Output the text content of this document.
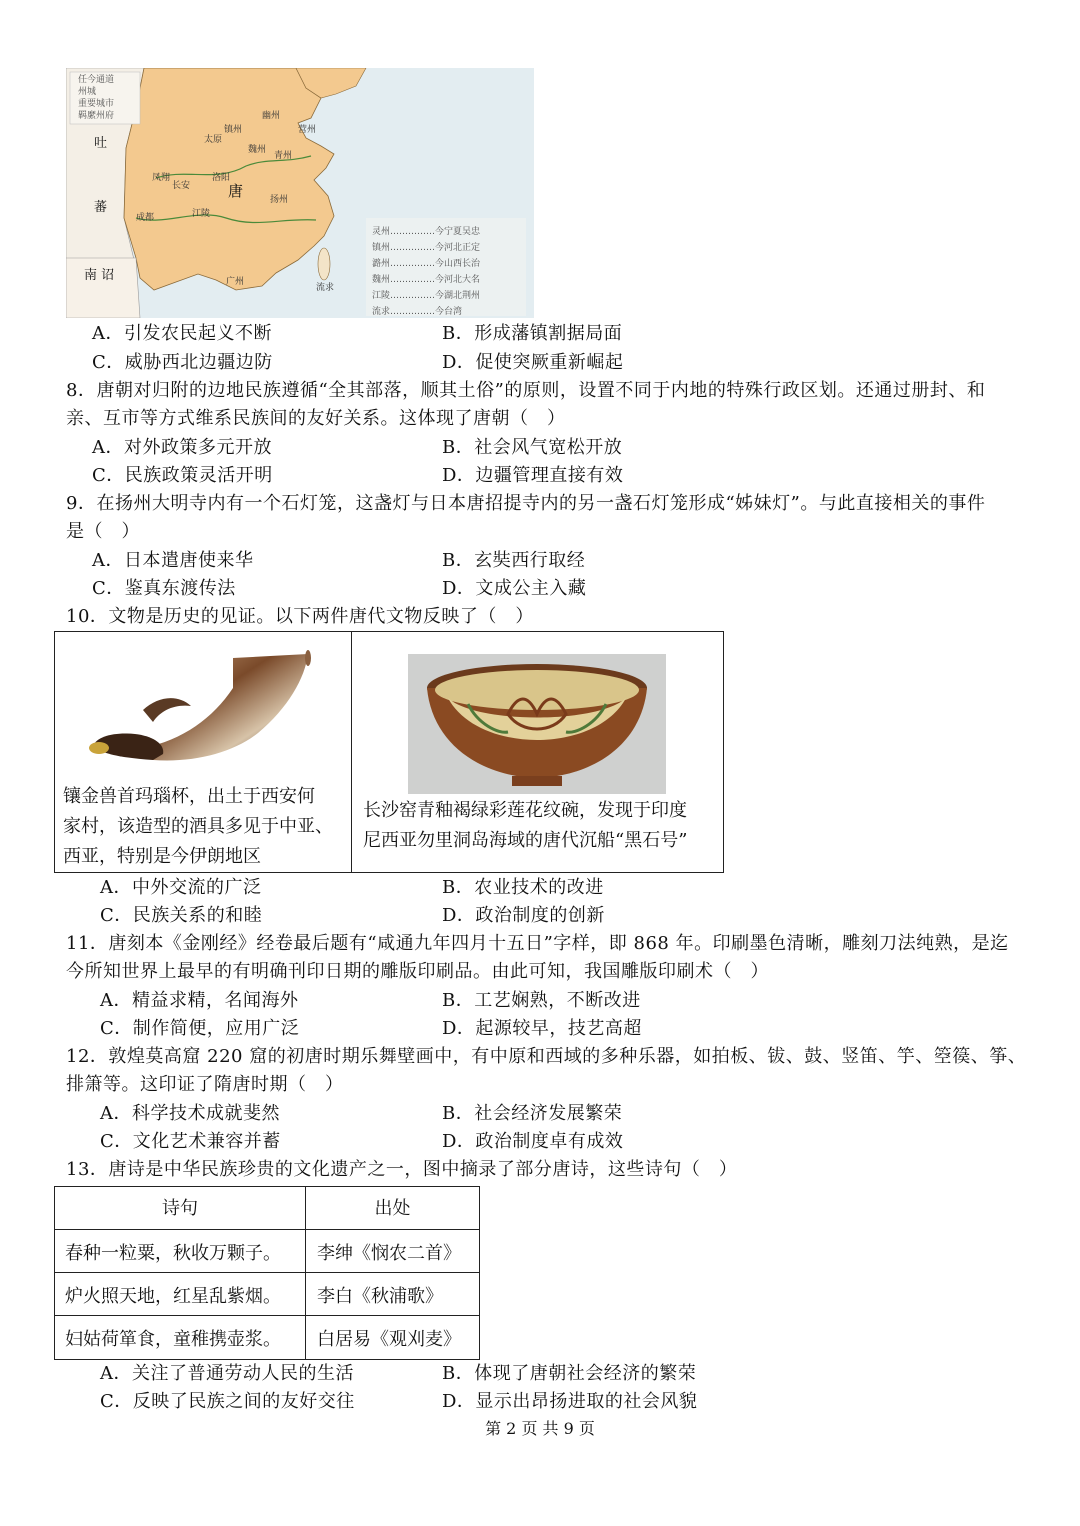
任今通道
州城
重要城市
羁縻州府
吐
蕃
南 诏
唐
幽州
营州
镇州
太原
魏州
青州
长安
洛阳
凤翔
成都
扬州
江陵
广州
流求
灵州……………今宁夏吴忠
镇州……………今河北正定
潞州……………今山西长治
魏州……………今河北大名
江陵……………今湖北荆州
流求……………今台湾
A．引发农民起义不断	B．形成藩镇割据局面
C．威胁西北边疆边防	D．促使突厥重新崛起
8．唐朝对归附的边地民族遵循“全其部落，顺其土俗”的原则，设置不同于内地的特殊行政区划。还通过册封、和
亲、互市等方式维系民族间的友好关系。这体现了唐朝（　）
A．对外政策多元开放	B．社会风气宽松开放
C．民族政策灵活开明	D．边疆管理直接有效
9．在扬州大明寺内有一个石灯笼，这盏灯与日本唐招提寺内的另一盏石灯笼形成“姊妹灯”。与此直接相关的事件
是（　）
A．日本遣唐使来华	B．玄奘西行取经
C．鉴真东渡传法	D．文成公主入藏
10．文物是历史的见证。以下两件唐代文物反映了（　）
镶金兽首玛瑙杯，出土于西安何
家村，该造型的酒具多见于中亚、
西亚，特别是今伊朗地区
长沙窑青釉褐绿彩莲花纹碗，发现于印度
尼西亚勿里洞岛海域的唐代沉船“黑石号”
A．中外交流的广泛	B．农业技术的改进
C．民族关系的和睦	D．政治制度的创新
11．唐刻本《金刚经》经卷最后题有“咸通九年四月十五日”字样，即 868 年。印刷墨色清晰，雕刻刀法纯熟，是迄
今所知世界上最早的有明确刊印日期的雕版印刷品。由此可知，我国雕版印刷术（　）
A．精益求精，名闻海外	B．工艺娴熟，不断改进
C．制作简便，应用广泛	D．起源较早，技艺高超
12．敦煌莫高窟 220 窟的初唐时期乐舞壁画中，有中原和西域的多种乐器，如拍板、钹、鼓、竖笛、竽、箜篌、筝、
排箫等。这印证了隋唐时期（　）
A．科学技术成就斐然	B．社会经济发展繁荣
C．文化艺术兼容并蓄	D．政治制度卓有成效
13．唐诗是中华民族珍贵的文化遗产之一，图中摘录了部分唐诗，这些诗句（　）
诗句	出处
春种一粒粟，秋收万颗子。 李绅《悯农二首》
炉火照天地，红星乱紫烟。 李白《秋浦歌》
妇姑荷箪食，童稚携壶浆。 白居易《观刈麦》
A．关注了普通劳动人民的生活	B．体现了唐朝社会经济的繁荣
C．反映了民族之间的友好交往	D．显示出昂扬进取的社会风貌
第 2 页 共 9 页
